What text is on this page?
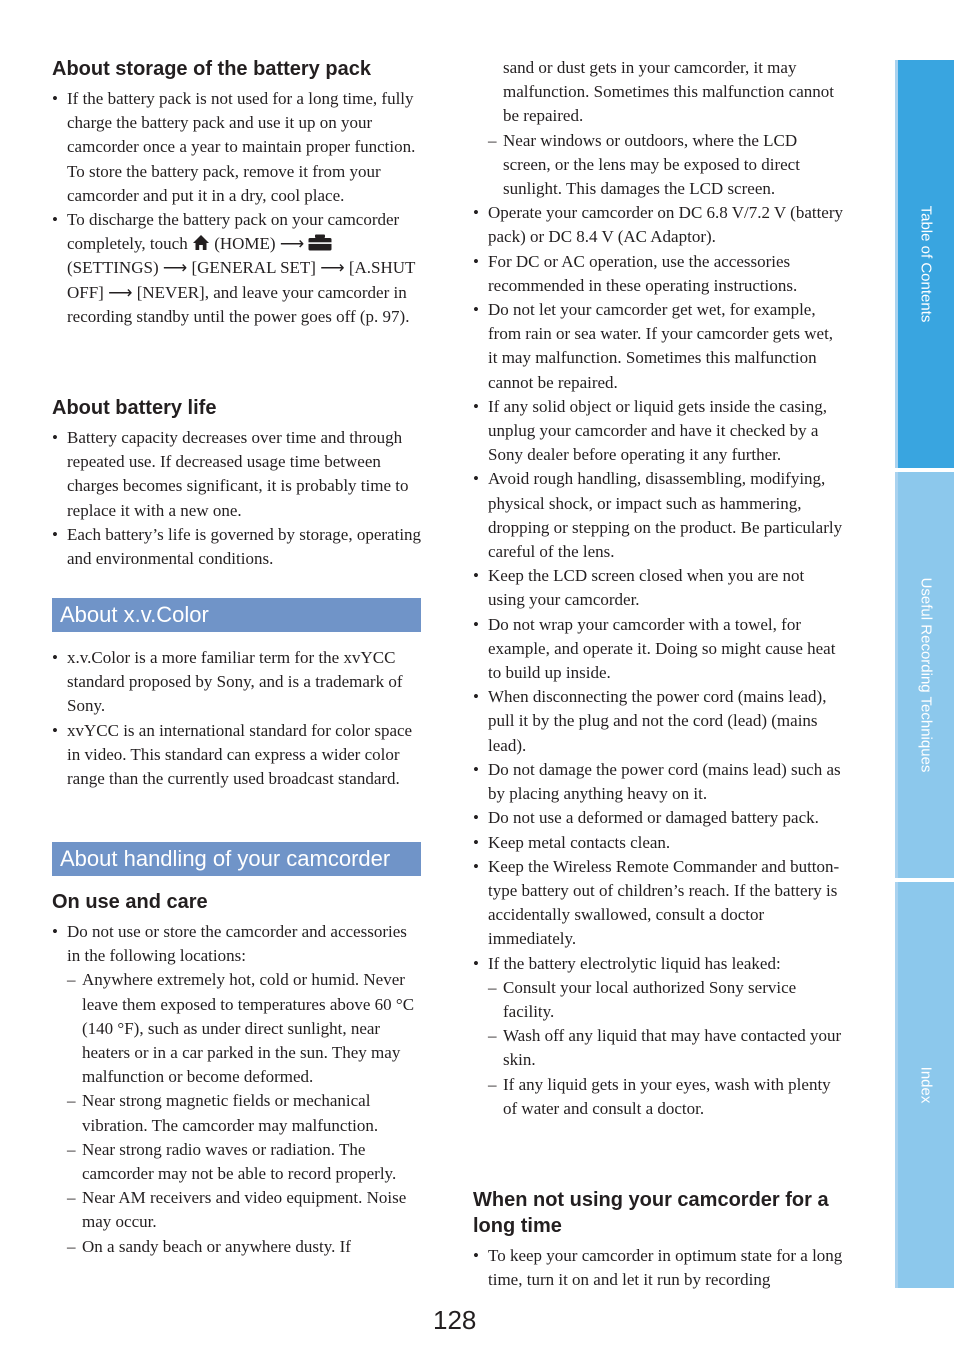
About storage of the battery pack
• If the battery pack is not used for a long time, fully charge the battery pack and use it up on your camcorder once a year to maintain proper function. To store the battery pack, remove it from your camcorder and put it in a dry, cool place.
• To discharge the battery pack on your camcorder completely, touch (HOME) ⟶  (SETTINGS) ⟶ [GENERAL SET] ⟶ [A.SHUT OFF] ⟶ [NEVER], and leave your camcorder in recording standby until the power goes off (p. 97).
About battery life
• Battery capacity decreases over time and through repeated use. If decreased usage time between charges becomes significant, it is probably time to replace it with a new one.
• Each battery’s life is governed by storage, operating and environmental conditions.
About x.v.Color
• x.v.Color is a more familiar term for the xvYCC standard proposed by Sony, and is a trademark of Sony.
• xvYCC is an international standard for color space in video. This standard can express a wider color range than the currently used broadcast standard.
About handling of your camcorder
On use and care
• Do not use or store the camcorder and accessories in the following locations:
– Anywhere extremely hot, cold or humid. Never leave them exposed to temperatures above 60 °C (140 °F), such as under direct sunlight, near heaters or in a car parked in the sun. They may malfunction or become deformed.
– Near strong magnetic fields or mechanical vibration. The camcorder may malfunction.
– Near strong radio waves or radiation. The camcorder may not be able to record properly.
– Near AM receivers and video equipment. Noise may occur.
– On a sandy beach or anywhere dusty. If
sand or dust gets in your camcorder, it may malfunction. Sometimes this malfunction cannot be repaired.
– Near windows or outdoors, where the LCD screen, or the lens may be exposed to direct sunlight. This damages the LCD screen.
• Operate your camcorder on DC 6.8 V/7.2 V (battery pack) or DC 8.4 V (AC Adaptor).
• For DC or AC operation, use the accessories recommended in these operating instructions.
• Do not let your camcorder get wet, for example, from rain or sea water. If your camcorder gets wet, it may malfunction. Sometimes this malfunction cannot be repaired.
• If any solid object or liquid gets inside the casing, unplug your camcorder and have it checked by a Sony dealer before operating it any further.
• Avoid rough handling, disassembling, modifying, physical shock, or impact such as hammering, dropping or stepping on the product. Be particularly careful of the lens.
• Keep the LCD screen closed when you are not using your camcorder.
• Do not wrap your camcorder with a towel, for example, and operate it. Doing so might cause heat to build up inside.
• When disconnecting the power cord (mains lead), pull it by the plug and not the cord (lead) (mains lead).
• Do not damage the power cord (mains lead) such as by placing anything heavy on it.
• Do not use a deformed or damaged battery pack.
• Keep metal contacts clean.
• Keep the Wireless Remote Commander and button-type battery out of children’s reach. If the battery is accidentally swallowed, consult a doctor immediately.
• If the battery electrolytic liquid has leaked:
– Consult your local authorized Sony service facility.
– Wash off any liquid that may have contacted your skin.
– If any liquid gets in your eyes, wash with plenty of water and consult a doctor.
When not using your camcorder for a long time
• To keep your camcorder in optimum state for a long time, turn it on and let it run by recording
128
Table of Contents
Useful Recording Techniques
Index
